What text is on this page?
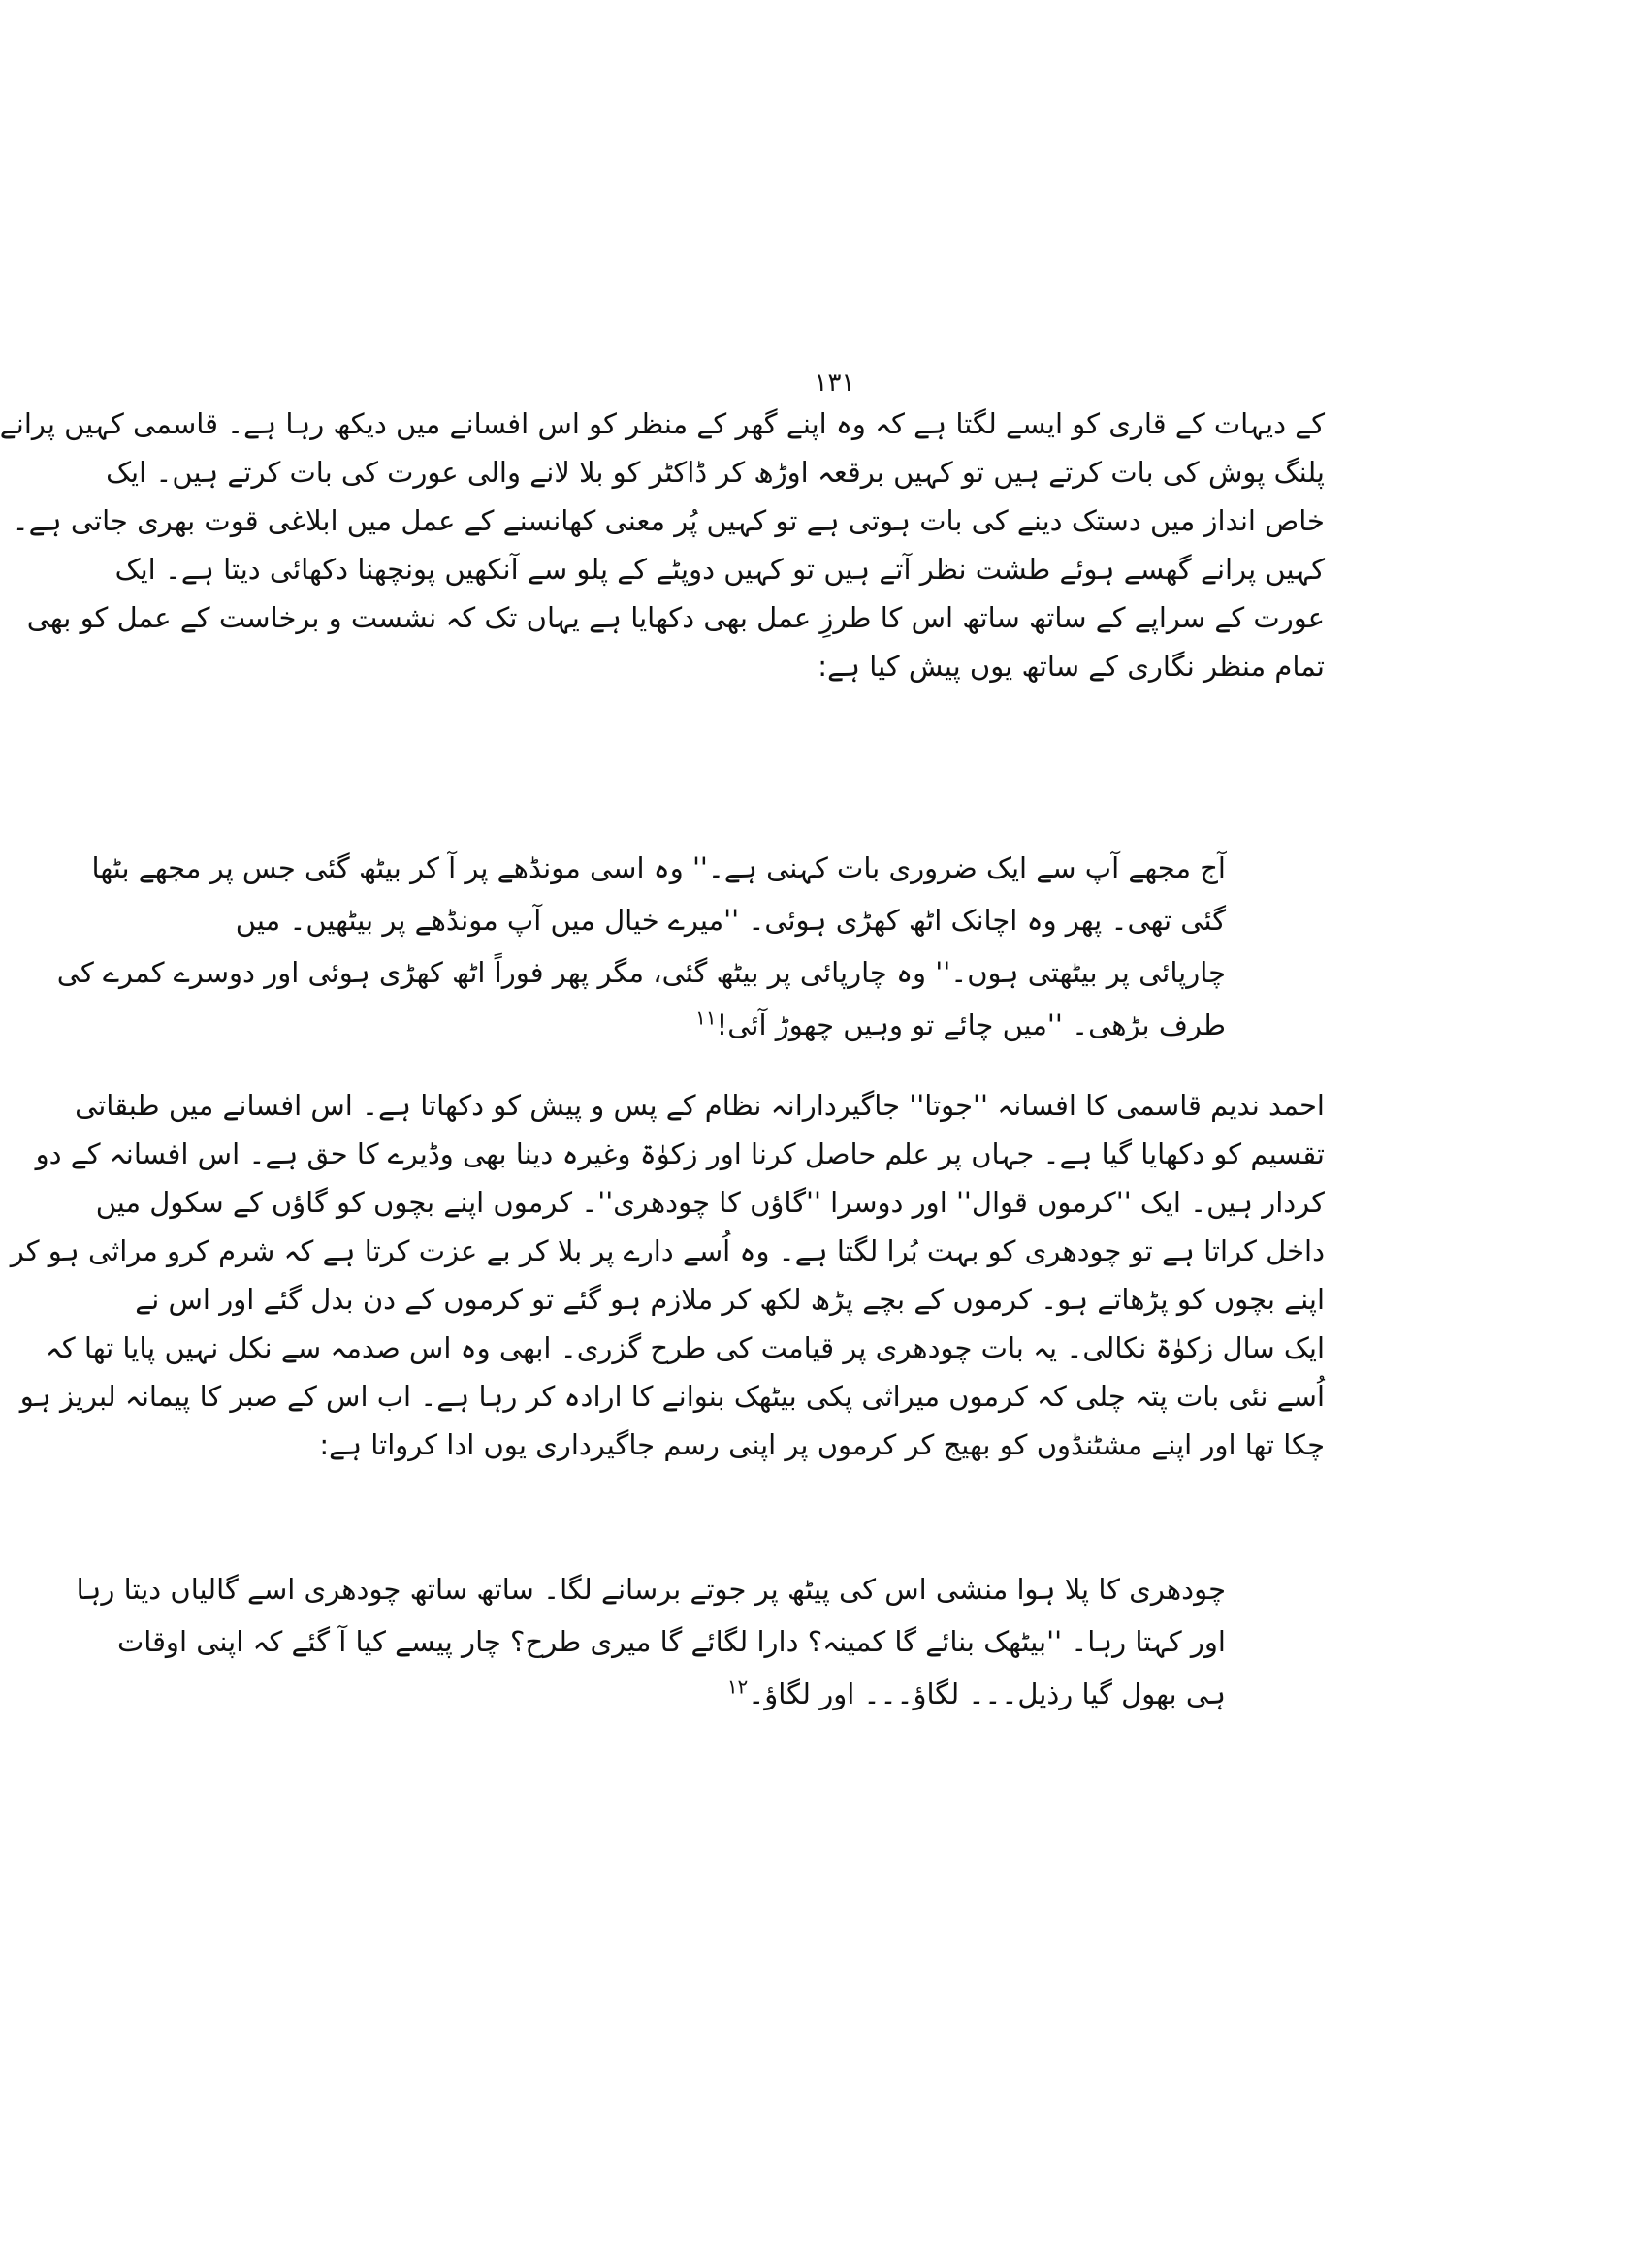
۱۳۱
کے دیہات کے قاری کو ایسے لگتا ہے کہ وہ اپنے گھر کے منظر کو اس افسانے میں دیکھ رہا ہے۔ قاسمی کہیں پرانے
پلنگ پوش کی بات کرتے ہیں تو کہیں برقعہ اوڑھ کر ڈاکٹر کو بلا لانے والی عورت کی بات کرتے ہیں۔ ایک
خاص انداز میں دستک دینے کی بات ہوتی ہے تو کہیں پُر معنی کھانسنے کے عمل میں ابلاغی قوت بھری جاتی ہے۔
کہیں پرانے گھسے ہوئے طشت نظر آتے ہیں تو کہیں دوپٹے کے پلو سے آنکھیں پونچھنا دکھائی دیتا ہے۔ ایک
عورت کے سراپے کے ساتھ ساتھ اس کا طرزِ عمل بھی دکھایا ہے یہاں تک کہ نشست و برخاست کے عمل کو بھی
تمام منظر نگاری کے ساتھ یوں پیش کیا ہے:
آج مجھے آپ سے ایک ضروری بات کہنی ہے۔'' وہ اسی مونڈھے پر آ کر بیٹھ گئی جس پر مجھے بٹھا
گئی تھی۔ پھر وہ اچانک اٹھ کھڑی ہوئی۔ ''میرے خیال میں آپ مونڈھے پر بیٹھیں۔ میں
چارپائی پر بیٹھتی ہوں۔'' وہ چارپائی پر بیٹھ گئی، مگر پھر فوراً اٹھ کھڑی ہوئی اور دوسرے کمرے کی
طرف بڑھی۔ ''میں چائے تو وہیں چھوڑ آئی!$^{۱۱}$
احمد ندیم قاسمی کا افسانہ ''جوتا'' جاگیردارانہ نظام کے پس و پیش کو دکھاتا ہے۔ اس افسانے میں طبقاتی
تقسیم کو دکھایا گیا ہے۔ جہاں پر علم حاصل کرنا اور زکوٰۃ وغیرہ دینا بھی وڈیرے کا حق ہے۔ اس افسانہ کے دو
کردار ہیں۔ ایک ''کرموں قوال'' اور دوسرا ''گاؤں کا چودھری''۔ کرموں اپنے بچوں کو گاؤں کے سکول میں
داخل کراتا ہے تو چودھری کو بہت بُرا لگتا ہے۔ وہ اُسے دارے پر بلا کر بے عزت کرتا ہے کہ شرم کرو مراثی ہو کر
اپنے بچوں کو پڑھاتے ہو۔ کرموں کے بچے پڑھ لکھ کر ملازم ہو گئے تو کرموں کے دن بدل گئے اور اس نے
ایک سال زکوٰۃ نکالی۔ یہ بات چودھری پر قیامت کی طرح گزری۔ ابھی وہ اس صدمہ سے نکل نہیں پایا تھا کہ
اُسے نئی بات پتہ چلی کہ کرموں میراثی پکی بیٹھک بنوانے کا ارادہ کر رہا ہے۔ اب اس کے صبر کا پیمانہ لبریز ہو
چکا تھا اور اپنے مشٹنڈوں کو بھیج کر کرموں پر اپنی رسم جاگیرداری یوں ادا کرواتا ہے:
چودھری کا پلا ہوا منشی اس کی پیٹھ پر جوتے برسانے لگا۔ ساتھ ساتھ چودھری اسے گالیاں دیتا رہا
اور کہتا رہا۔ ''بیٹھک بنائے گا کمینہ؟ دارا لگائے گا میری طرح؟ چار پیسے کیا آ گئے کہ اپنی اوقات
ہی بھول گیا رذیل۔۔۔ لگاؤ۔۔۔ اور لگاؤ۔$^{۱۲}$
